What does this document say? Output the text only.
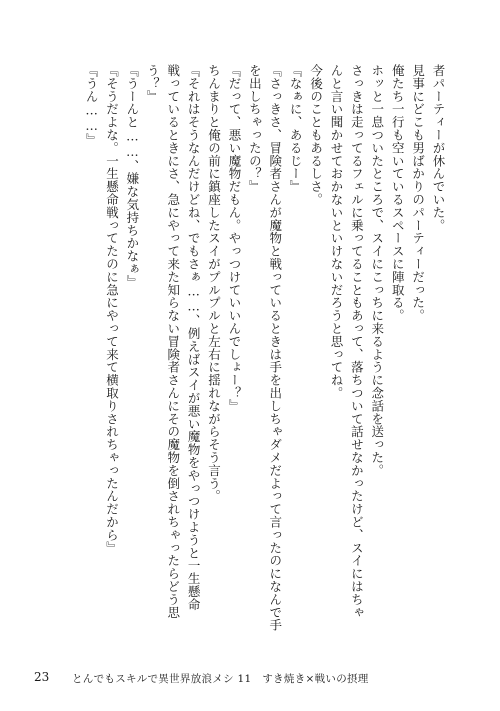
者パーティーが休んでいた。
見事にどこも男ばかりのパーティーだった。
俺たち一行も空いているスペースに陣取る。
ホッと一息ついたところで、スイにこっちに来るように念話を送った。
さっきは走ってるフェルに乗ってることもあって、落ちついて話せなかったけど、スイにはちゃ
んと言い聞かせておかないといけないだろうと思ってね。
今後のこともあるしさ。
『なぁに、あるじー』
『さっきさ、冒険者さんが魔物と戦っているときは手を出しちゃダメだよって言ったのになんで手
を出しちゃったの？』
『だって、悪い魔物だもん。やっつけていいんでしょー？』
ちんまりと俺の前に鎮座したスイがプルプルと左右に揺れながらそう言う。
『それはそうなんだけどね、でもさぁ……、例えばスイが悪い魔物をやっつけようと一生懸命
戦っているときにさ、急にやって来た知らない冒険者さんにその魔物を倒されちゃったらどう思
う？』
『うーんと……、嫌な気持ちかなぁ』
『そうだよな。一生懸命戦ってたのに急にやって来て横取りされちゃったんだから』
『うん……』
23 とんでもスキルで異世界放浪メシ 11　すき焼き×戦いの摂理
